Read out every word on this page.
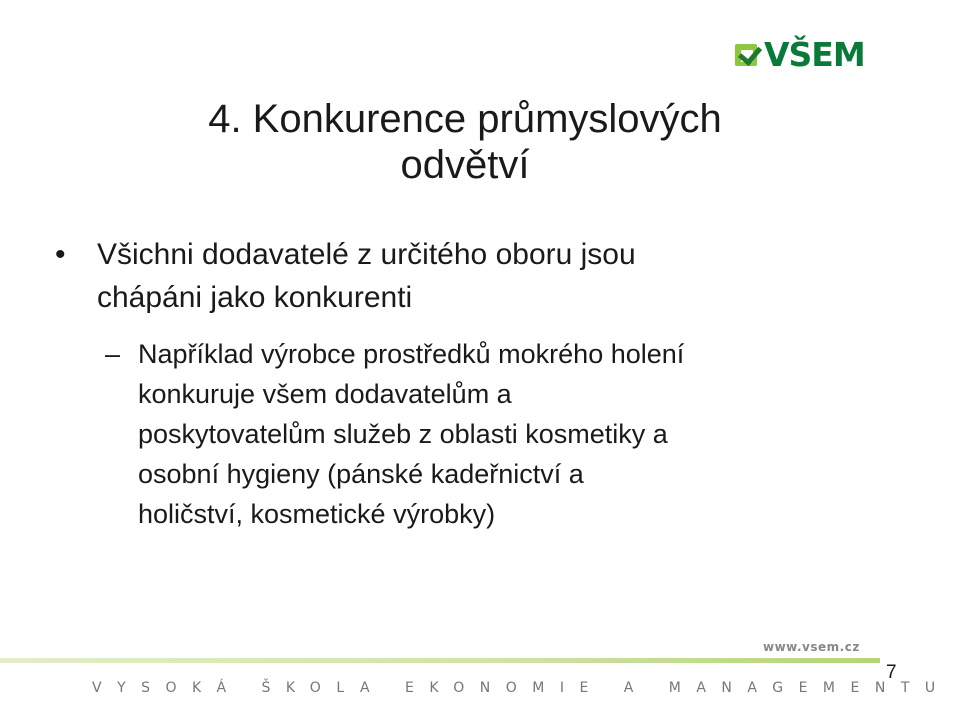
VŠEM
4. Konkurence průmyslových
odvětví
•	Všichni dodavatelé z určitého oboru jsou
chápáni jako konkurenti
– Například výrobce prostředků mokrého holení
konkuruje všem dodavatelům a
poskytovatelům služeb z oblasti kosmetiky a
osobní hygieny (pánské kadeřnictví a
holičství, kosmetické výrobky)
www.vsem.cz
VYSOKÁ ŠKOLA EKONOMIE A MANAGEMENTU
7
